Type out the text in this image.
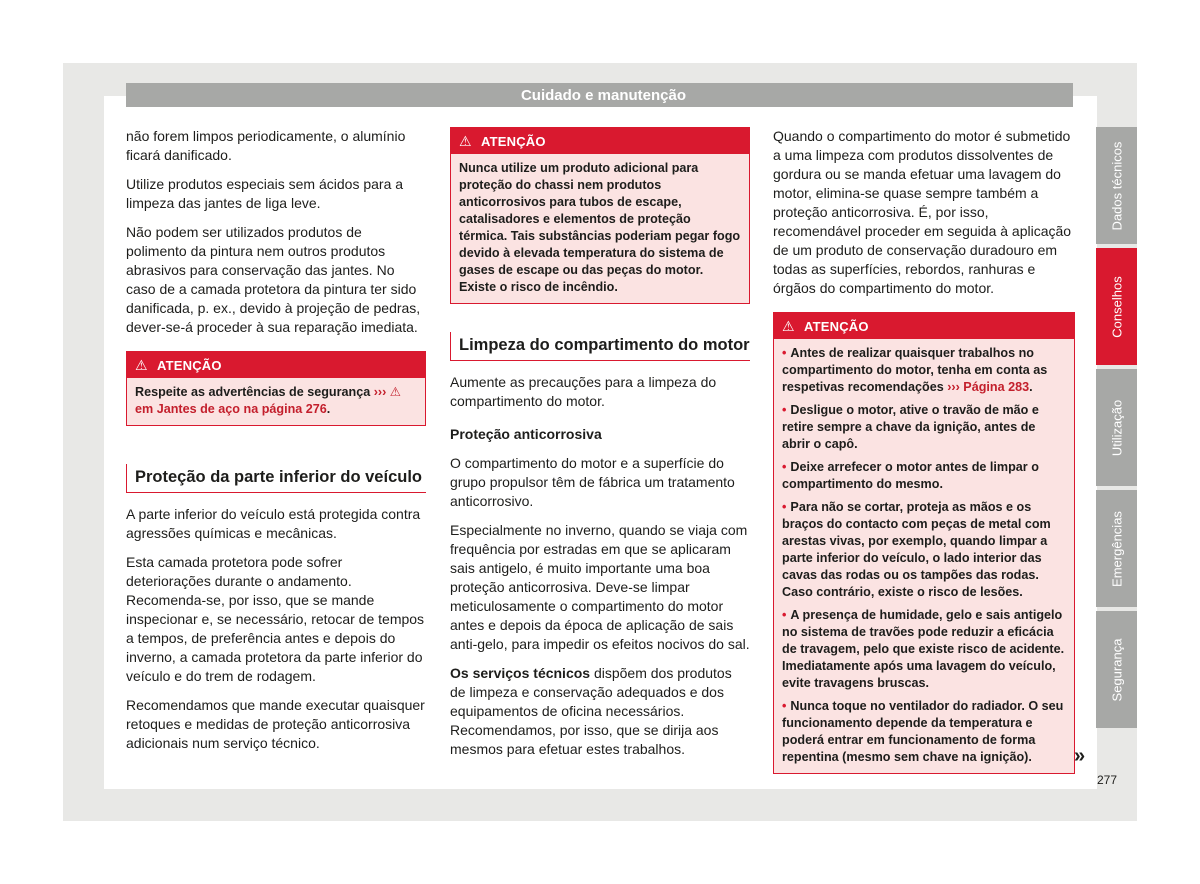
Cuidado e manutenção

não forem limpos periodicamente, o alumínio ficará danificado.

Utilize produtos especiais sem ácidos para a limpeza das jantes de liga leve.

Não podem ser utilizados produtos de polimento da pintura nem outros produtos abrasivos para conservação das jantes. No caso de a camada protetora da pintura ter sido danificada, p. ex., devido à projeção de pedras, dever-se-á proceder à sua reparação imediata.

⚠ ATENÇÃO
Respeite as advertências de segurança ››› ⚠ em Jantes de aço na página 276.
Proteção da parte inferior do veículo

A parte inferior do veículo está protegida contra agressões químicas e mecânicas.

Esta camada protetora pode sofrer deteriorações durante o andamento. Recomenda-se, por isso, que se mande inspecionar e, se necessário, retocar de tempos a tempos, de preferência antes e depois do inverno, a camada protetora da parte inferior do veículo e do trem de rodagem.

Recomendamos que mande executar quaisquer retoques e medidas de proteção anticorrosiva adicionais num serviço técnico.

⚠ ATENÇÃO
Nunca utilize um produto adicional para proteção do chassi nem produtos anticorrosivos para tubos de escape, catalisadores e elementos de proteção térmica. Tais substâncias poderiam pegar fogo devido à elevada temperatura do sistema de gases de escape ou das peças do motor. Existe o risco de incêndio.
Limpeza do compartimento do motor

Aumente as precauções para a limpeza do compartimento do motor.

Proteção anticorrosiva

O compartimento do motor e a superfície do grupo propulsor têm de fábrica um tratamento anticorrosivo.

Especialmente no inverno, quando se viaja com frequência por estradas em que se aplicaram sais antigelo, é muito importante uma boa proteção anticorrosiva. Deve-se limpar meticulosamente o compartimento do motor antes e depois da época de aplicação de sais anti-gelo, para impedir os efeitos nocivos do sal.

Os serviços técnicos dispõem dos produtos de limpeza e conservação adequados e dos equipamentos de oficina necessários. Recomendamos, por isso, que se dirija aos mesmos para efetuar estes trabalhos.

Quando o compartimento do motor é submetido a uma limpeza com produtos dissolventes de gordura ou se manda efetuar uma lavagem do motor, elimina-se quase sempre também a proteção anticorrosiva. É, por isso, recomendável proceder em seguida à aplicação de um produto de conservação duradouro em todas as superfícies, rebordos, ranhuras e órgãos do compartimento do motor.

⚠ ATENÇÃO
• Antes de realizar quaisquer trabalhos no compartimento do motor, tenha em conta as respetivas recomendações ››› Página 283.
• Desligue o motor, ative o travão de mão e retire sempre a chave da ignição, antes de abrir o capô.
• Deixe arrefecer o motor antes de limpar o compartimento do mesmo.
• Para não se cortar, proteja as mãos e os braços do contacto com peças de metal com arestas vivas, por exemplo, quando limpar a parte inferior do veículo, o lado interior das cavas das rodas ou os tampões das rodas. Caso contrário, existe o risco de lesões.
• A presença de humidade, gelo e sais antigelo no sistema de travões pode reduzir a eficácia de travagem, pelo que existe risco de acidente. Imediatamente após uma lavagem do veículo, evite travagens bruscas.
• Nunca toque no ventilador do radiador. O seu funcionamento depende da temperatura e poderá entrar em funcionamento de forma repentina (mesmo sem chave na ignição).	»
Dados técnicos
Conselhos
Utilização
Emergências
Segurança
277
